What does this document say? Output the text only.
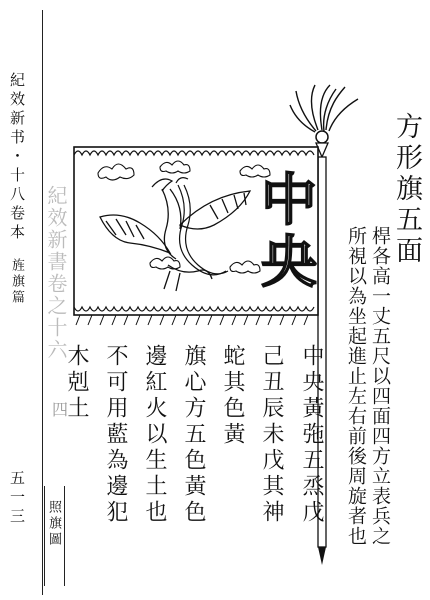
紀效新书・十八卷本
旌旗篇
五一三
紀效新書卷之十六	中央
四
方形旗五面
桿各高一丈五尺以四面四方立表兵之
所視以為坐起進止左右前後周旋者也
中央黃㢮五烝戊
己丑辰未戊其神
蛇其色黃
旗心方五色黃色
邊紅火以生土也
不可用藍為邊犯
木剋土
照旗圖
